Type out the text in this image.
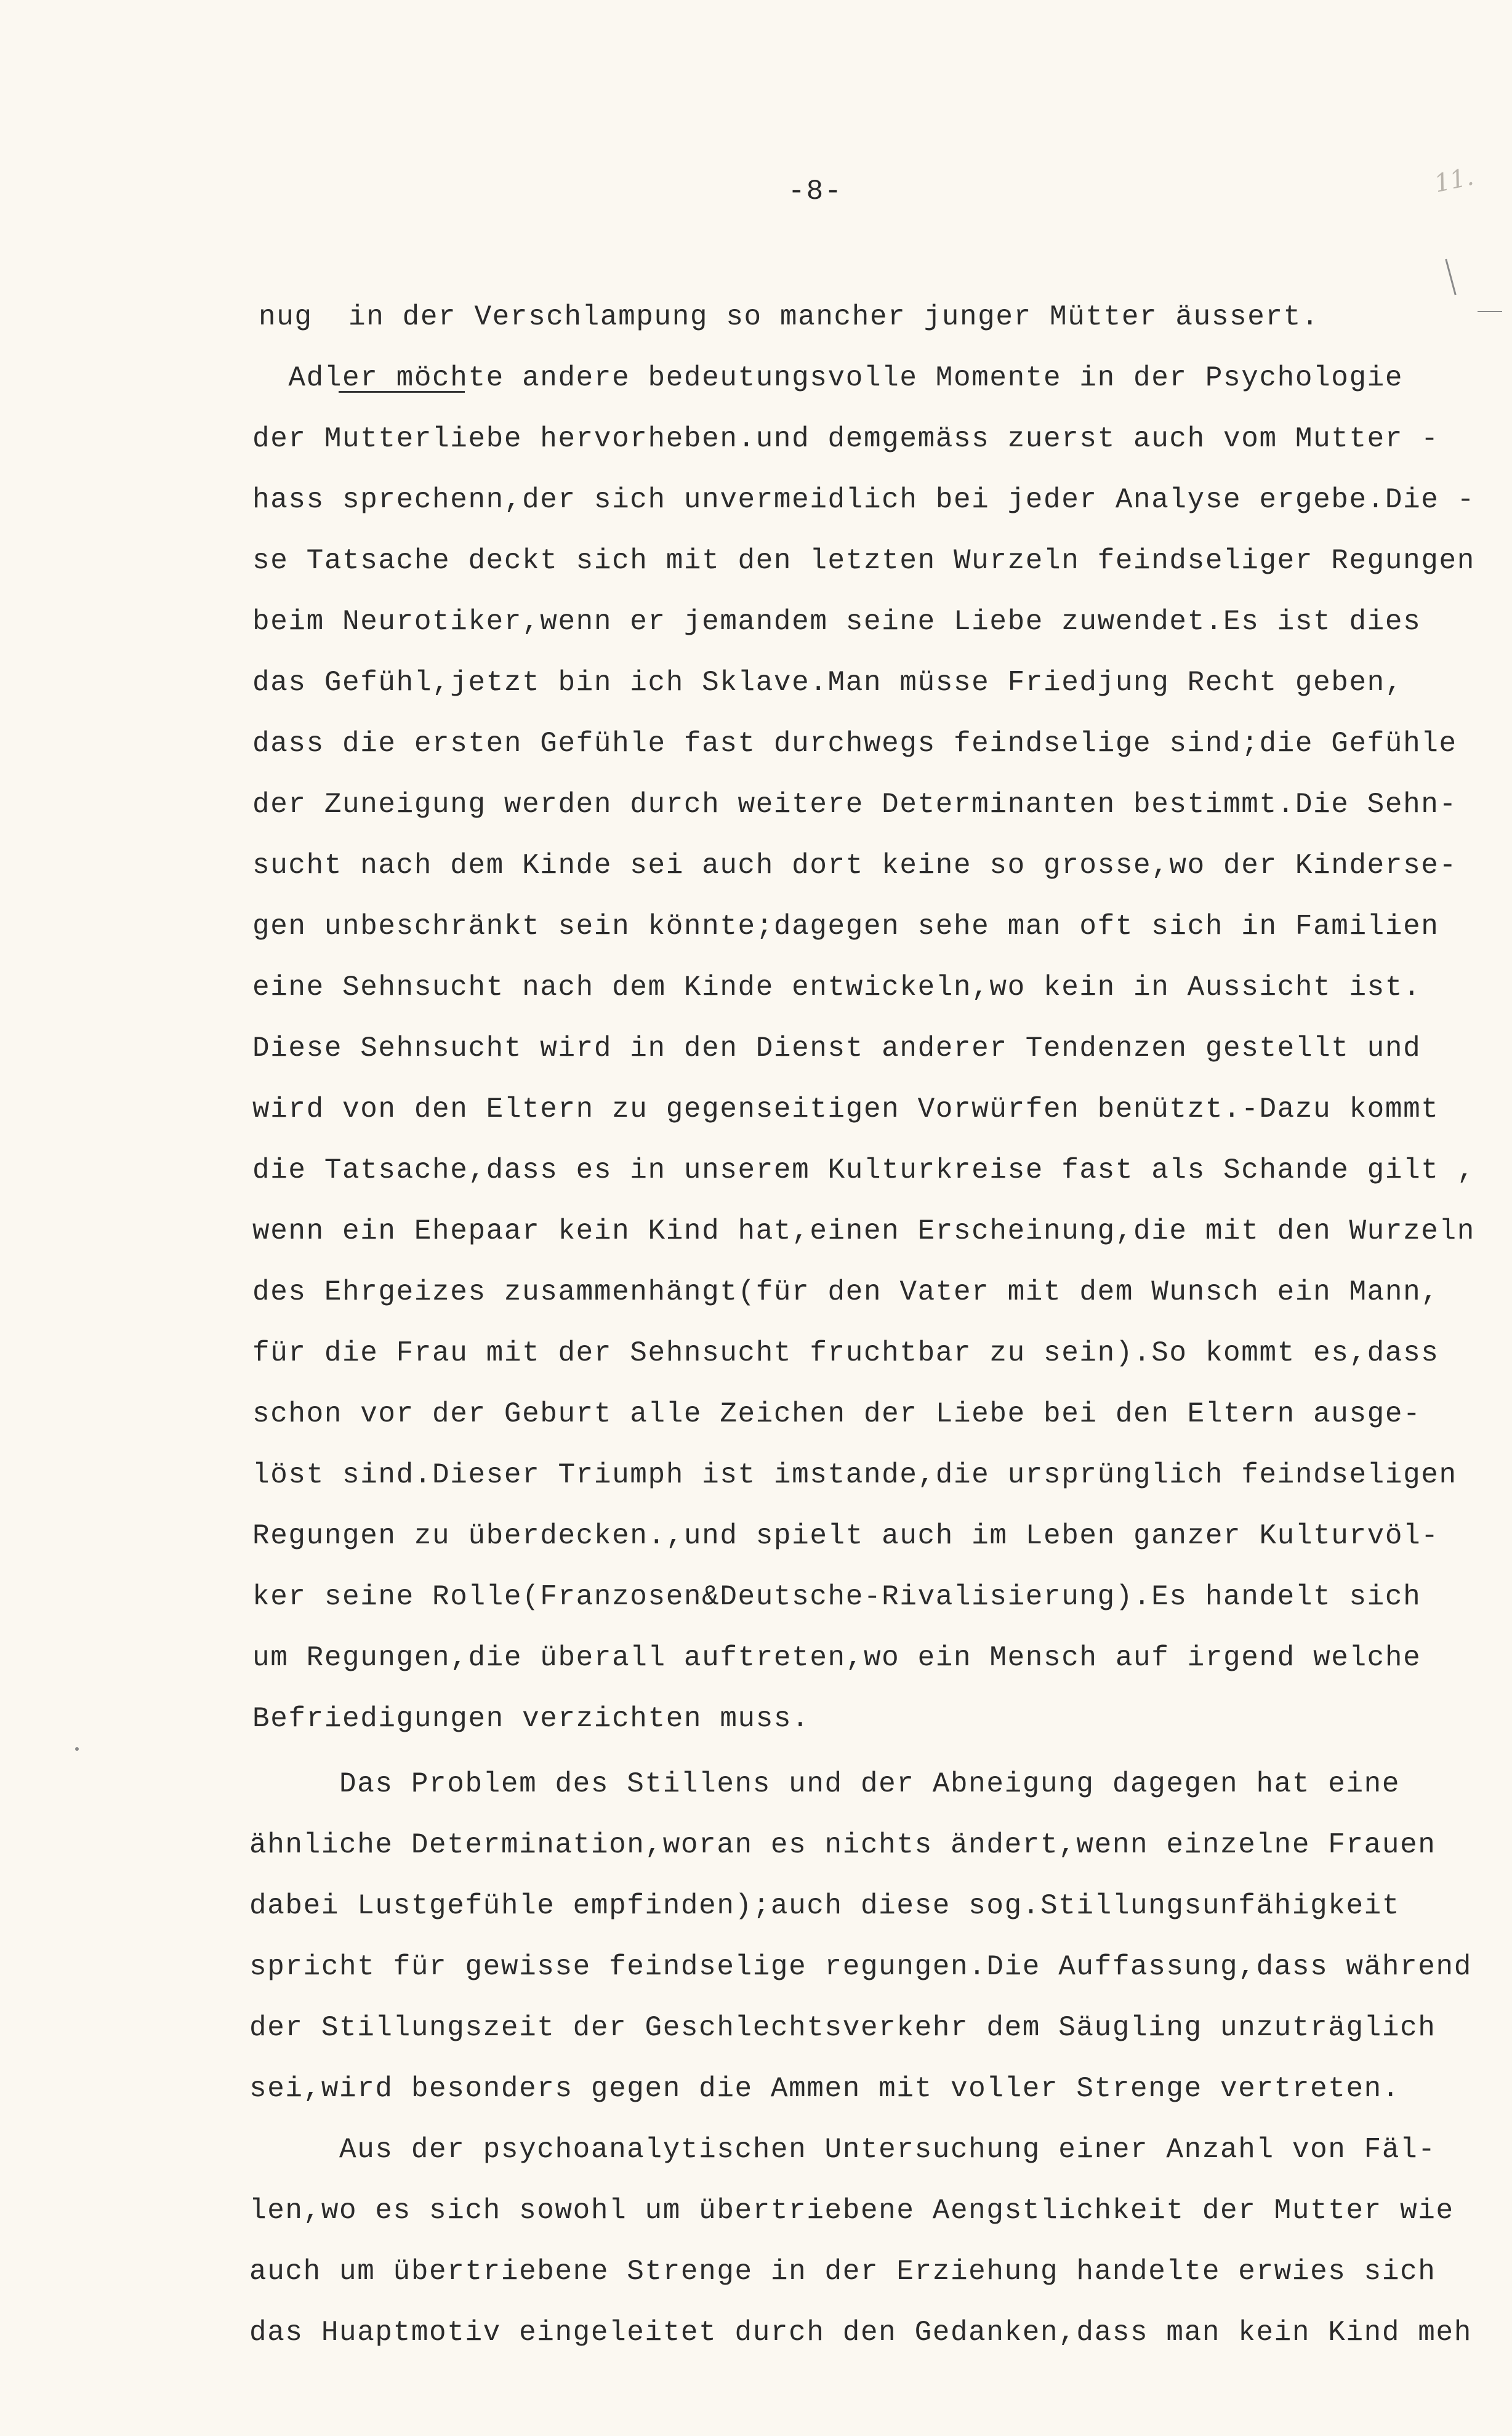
-8-	11.
nug  in der Verschlampung so mancher junger Mütter äussert.
Adler möchte andere bedeutungsvolle Momente in der Psychologie
der Mutterliebe hervorheben.und demgemäss zuerst auch vom Mutter -
hass sprechenn,der sich unvermeidlich bei jeder Analyse ergebe.Die -
se Tatsache deckt sich mit den letzten Wurzeln feindseliger Regungen
beim Neurotiker,wenn er jemandem seine Liebe zuwendet.Es ist dies
das Gefühl,jetzt bin ich Sklave.Man müsse Friedjung Recht geben,
dass die ersten Gefühle fast durchwegs feindselige sind;die Gefühle
der Zuneigung werden durch weitere Determinanten bestimmt.Die Sehn-
sucht nach dem Kinde sei auch dort keine so grosse,wo der Kinderse-
gen unbeschränkt sein könnte;dagegen sehe man oft sich in Familien
eine Sehnsucht nach dem Kinde entwickeln,wo kein in Aussicht ist.
Diese Sehnsucht wird in den Dienst anderer Tendenzen gestellt und
wird von den Eltern zu gegenseitigen Vorwürfen benützt.-Dazu kommt
die Tatsache,dass es in unserem Kulturkreise fast als Schande gilt ,
wenn ein Ehepaar kein Kind hat,einen Erscheinung,die mit den Wurzeln
des Ehrgeizes zusammenhängt(für den Vater mit dem Wunsch ein Mann,
für die Frau mit der Sehnsucht fruchtbar zu sein).So kommt es,dass
schon vor der Geburt alle Zeichen der Liebe bei den Eltern ausge-
löst sind.Dieser Triumph ist imstande,die ursprünglich feindseligen
Regungen zu überdecken.,und spielt auch im Leben ganzer Kulturvöl-
ker seine Rolle(Franzosen&Deutsche-Rivalisierung).Es handelt sich
um Regungen,die überall auftreten,wo ein Mensch auf irgend welche
Befriedigungen verzichten muss.
Das Problem des Stillens und der Abneigung dagegen hat eine
ähnliche Determination,woran es nichts ändert,wenn einzelne Frauen
dabei Lustgefühle empfinden);auch diese sog.Stillungsunfähigkeit
spricht für gewisse feindselige regungen.Die Auffassung,dass während
der Stillungszeit der Geschlechtsverkehr dem Säugling unzuträglich
sei,wird besonders gegen die Ammen mit voller Strenge vertreten.
Aus der psychoanalytischen Untersuchung einer Anzahl von Fäl-
len,wo es sich sowohl um übertriebene Aengstlichkeit der Mutter wie
auch um übertriebene Strenge in der Erziehung handelte erwies sich
das Huaptmotiv eingeleitet durch den Gedanken,dass man kein Kind meh
